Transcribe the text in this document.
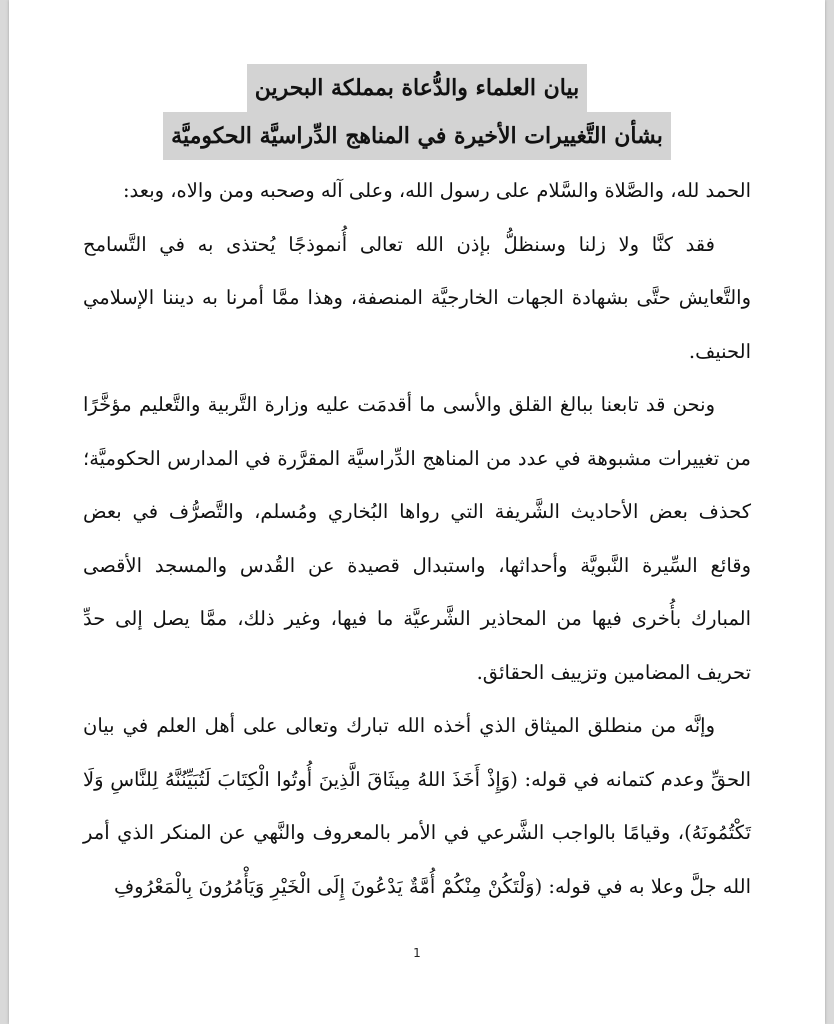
بيان العلماء والدُّعاة بمملكة البحرين
بشأن التَّغييرات الأخيرة في المناهج الدِّراسيَّة الحكوميَّة

الحمد لله، والصَّلاة والسَّلام على رسول الله، وعلى آله وصحبه ومن والاه، وبعد:

فقد كنَّا ولا زلنا وسنظلُّ بإذن الله تعالى أُنموذجًا يُحتذى به في التَّسامح والتَّعايش حتَّى بشهادة الجهات الخارجيَّة المنصفة، وهذا ممَّا أمرنا به ديننا الإسلامي الحنيف.

ونحن قد تابعنا ببالغ القلق والأسى ما أقدمَت عليه وزارة التَّربية والتَّعليم مؤخَّرًا من تغييرات مشبوهة في عدد من المناهج الدِّراسيَّة المقرَّرة في المدارس الحكوميَّة؛ كحذف بعض الأحاديث الشَّريفة التي رواها البُخاري ومُسلم، والتَّصرُّف في بعض وقائع السِّيرة النَّبويَّة وأحداثها، واستبدال قصيدة عن القُدس والمسجد الأقصى المبارك بأُخرى فيها من المحاذير الشَّرعيَّة ما فيها، وغير ذلك، ممَّا يصل إلى حدِّ تحريف المضامين وتزييف الحقائق.

وإنَّه من منطلق الميثاق الذي أخذه الله تبارك وتعالى على أهل العلم في بيان الحقِّ وعدم كتمانه في قوله: (وَإِذْ أَخَذَ اللهُ مِيثَاقَ الَّذِينَ أُوتُوا الْكِتَابَ لَتُبَيِّنُنَّهُ لِلنَّاسِ وَلَا تَكْتُمُونَهُ)، وقيامًا بالواجب الشَّرعي في الأمر بالمعروف والنَّهي عن المنكر الذي أمر الله جلَّ وعلا به في قوله: (وَلْتَكُنْ مِنْكُمْ أُمَّةٌ يَدْعُونَ إِلَى الْخَيْرِ وَيَأْمُرُونَ بِالْمَعْرُوفِ

1
